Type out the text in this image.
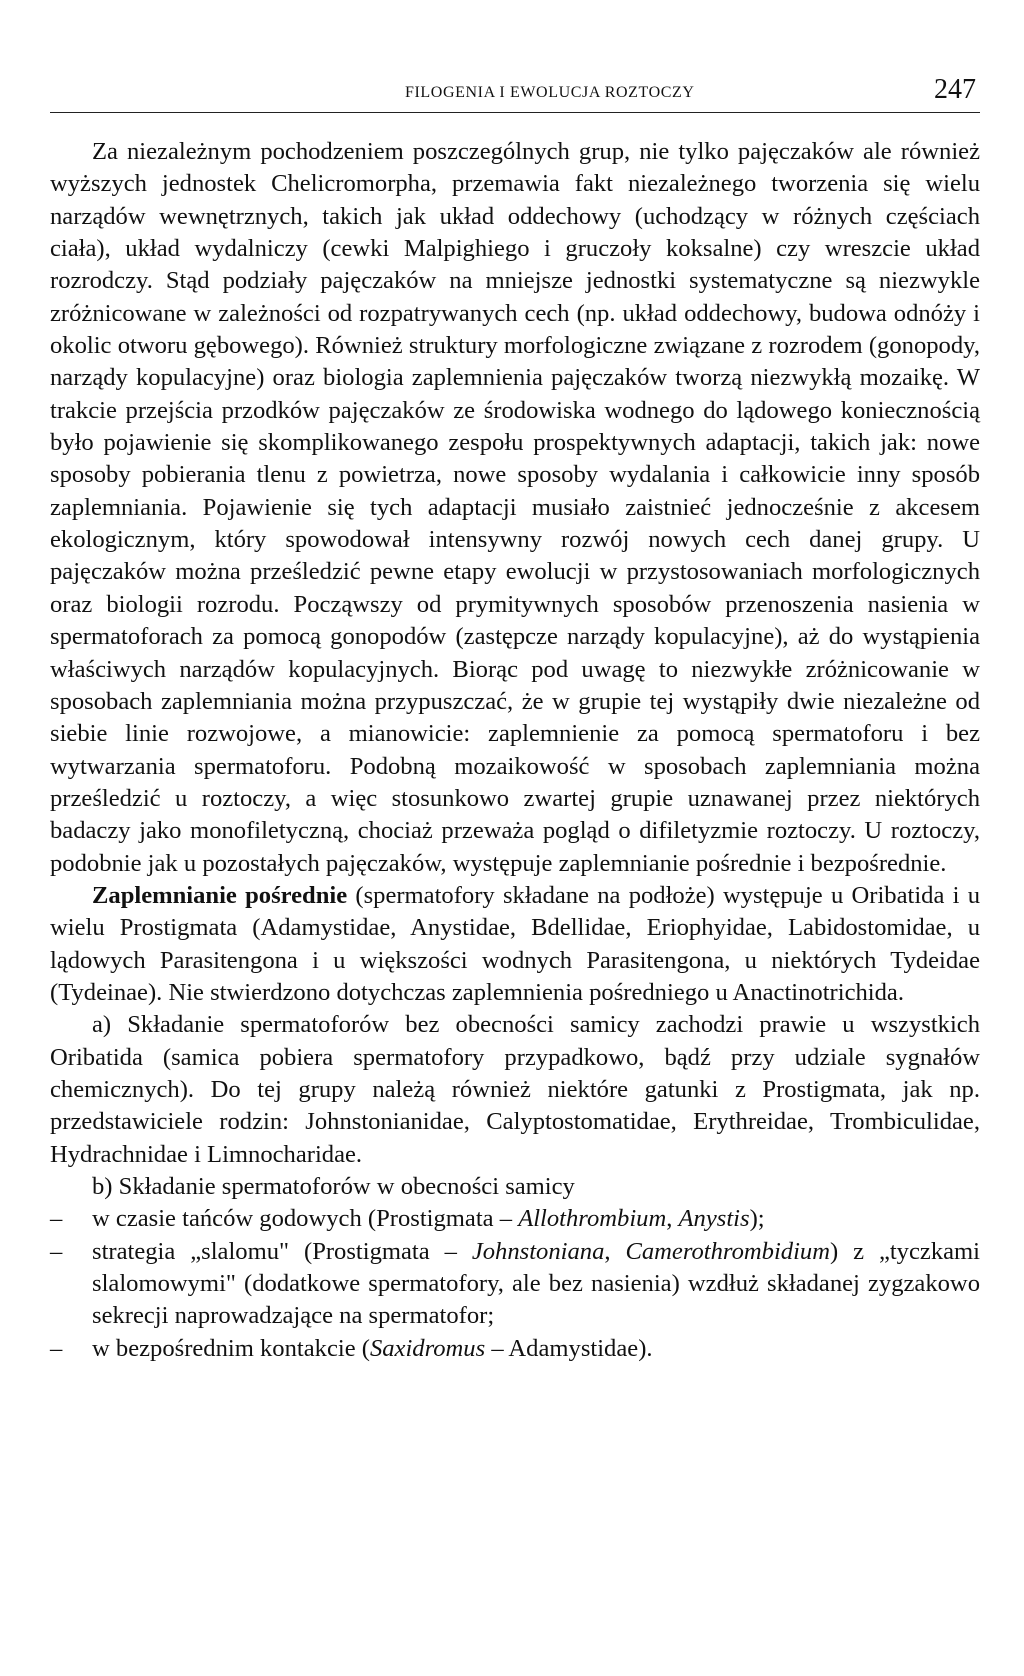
FILOGENIA I EWOLUCJA ROZTOCZY	247

Za niezależnym pochodzeniem poszczególnych grup, nie tylko pajęczaków ale również wyższych jednostek Chelicromorpha, przemawia fakt niezależnego tworzenia się wielu narządów wewnętrznych, takich jak układ oddechowy (uchodzący w różnych częściach ciała), układ wydalniczy (cewki Malpighiego i gruczoły koksalne) czy wreszcie układ rozrodczy. Stąd podziały pajęczaków na mniejsze jednostki systematyczne są niezwykle zróżnicowane w zależności od rozpatrywanych cech (np. układ oddechowy, budowa odnóży i okolic otworu gębowego). Również struktury morfologiczne związane z rozrodem (gonopody, narządy kopulacyjne) oraz biologia zaplemnienia pajęczaków tworzą niezwykłą mozaikę. W trakcie przejścia przodków pajęczaków ze środowiska wodnego do lądowego koniecznością było pojawienie się skomplikowanego zespołu prospektywnych adaptacji, takich jak: nowe sposoby pobierania tlenu z powietrza, nowe sposoby wydalania i całkowicie inny sposób zaplemniania. Pojawienie się tych adaptacji musiało zaistnieć jednocześnie z akcesem ekologicznym, który spowodował intensywny rozwój nowych cech danej grupy. U pajęczaków można prześledzić pewne etapy ewolucji w przystosowaniach morfologicznych oraz biologii rozrodu. Począwszy od prymitywnych sposobów przenoszenia nasienia w spermatoforach za pomocą gonopodów (zastępcze narządy kopulacyjne), aż do wystąpienia właściwych narządów kopulacyjnych. Biorąc pod uwagę to niezwykłe zróżnicowanie w sposobach zaplemniania można przypuszczać, że w grupie tej wystąpiły dwie niezależne od siebie linie rozwojowe, a mianowicie: zaplemnienie za pomocą spermatoforu i bez wytwarzania spermatoforu. Podobną mozaikowość w sposobach zaplemniania można prześledzić u roztoczy, a więc stosunkowo zwartej grupie uznawanej przez niektórych badaczy jako monofiletyczną, chociaż przeważa pogląd o difiletyzmie roztoczy. U roztoczy, podobnie jak u pozostałych pajęczaków, występuje zaplemnianie pośrednie i bezpośrednie.

Zaplemnianie pośrednie (spermatofory składane na podłoże) występuje u Oribatida i u wielu Prostigmata (Adamystidae, Anystidae, Bdellidae, Eriophyidae, Labidostomidae, u lądowych Parasitengona i u większości wodnych Parasitengona, u niektórych Tydeidae (Tydeinae). Nie stwierdzono dotychczas zaplemnienia pośredniego u Anactinotrichida.

a) Składanie spermatoforów bez obecności samicy zachodzi prawie u wszystkich Oribatida (samica pobiera spermatofory przypadkowo, bądź przy udziale sygnałów chemicznych). Do tej grupy należą również niektóre gatunki z Prostigmata, jak np. przedstawiciele rodzin: Johnstonianidae, Calyptostomatidae, Erythreidae, Trombiculidae, Hydrachnidae i Limnocharidae.

b) Składanie spermatoforów w obecności samicy

– w czasie tańców godowych (Prostigmata – Allothrombium, Anystis);
– strategia „slalomu" (Prostigmata – Johnstoniana, Camerothrombidium) z „tyczkami slalomowymi" (dodatkowe spermatofory, ale bez nasienia) wzdłuż składanej zygzakowo sekrecji naprowadzające na spermatofor;
– w bezpośrednim kontakcie (Saxidromus – Adamystidae).
